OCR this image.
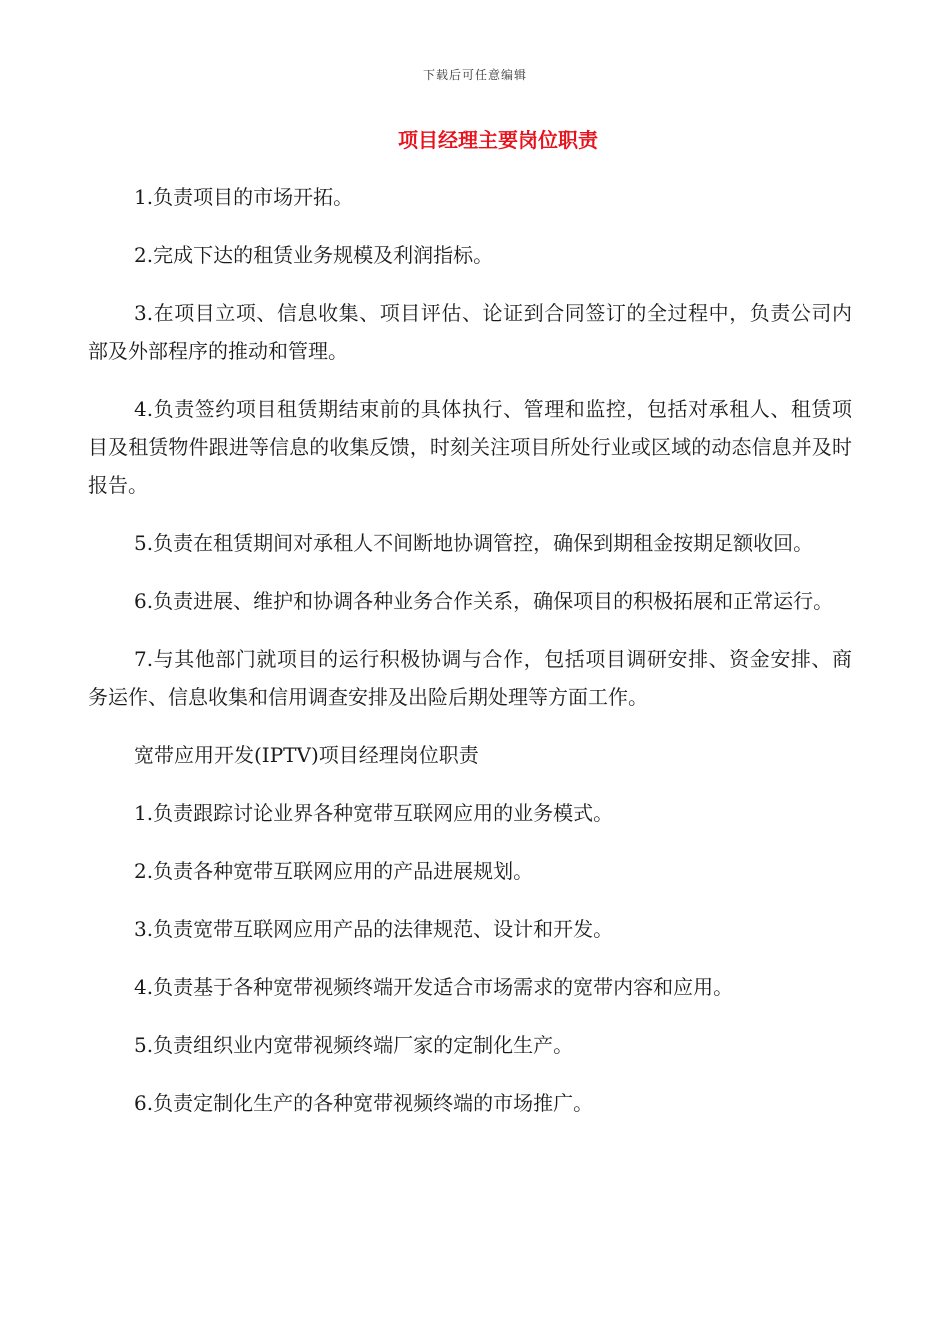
下载后可任意编辑
项目经理主要岗位职责

1.负责项目的市场开拓。

2.完成下达的租赁业务规模及利润指标。

3.在项目立项、信息收集、项目评估、论证到合同签订的全过程中，负责公司内部及外部程序的推动和管理。

4.负责签约项目租赁期结束前的具体执行、管理和监控，包括对承租人、租赁项目及租赁物件跟进等信息的收集反馈，时刻关注项目所处行业或区域的动态信息并及时报告。

5.负责在租赁期间对承租人不间断地协调管控，确保到期租金按期足额收回。

6.负责进展、维护和协调各种业务合作关系，确保项目的积极拓展和正常运行。

7.与其他部门就项目的运行积极协调与合作，包括项目调研安排、资金安排、商务运作、信息收集和信用调查安排及出险后期处理等方面工作。

宽带应用开发(IPTV)项目经理岗位职责

1.负责跟踪讨论业界各种宽带互联网应用的业务模式。

2.负责各种宽带互联网应用的产品进展规划。

3.负责宽带互联网应用产品的法律规范、设计和开发。

4.负责基于各种宽带视频终端开发适合市场需求的宽带内容和应用。

5.负责组织业内宽带视频终端厂家的定制化生产。

6.负责定制化生产的各种宽带视频终端的市场推广。
